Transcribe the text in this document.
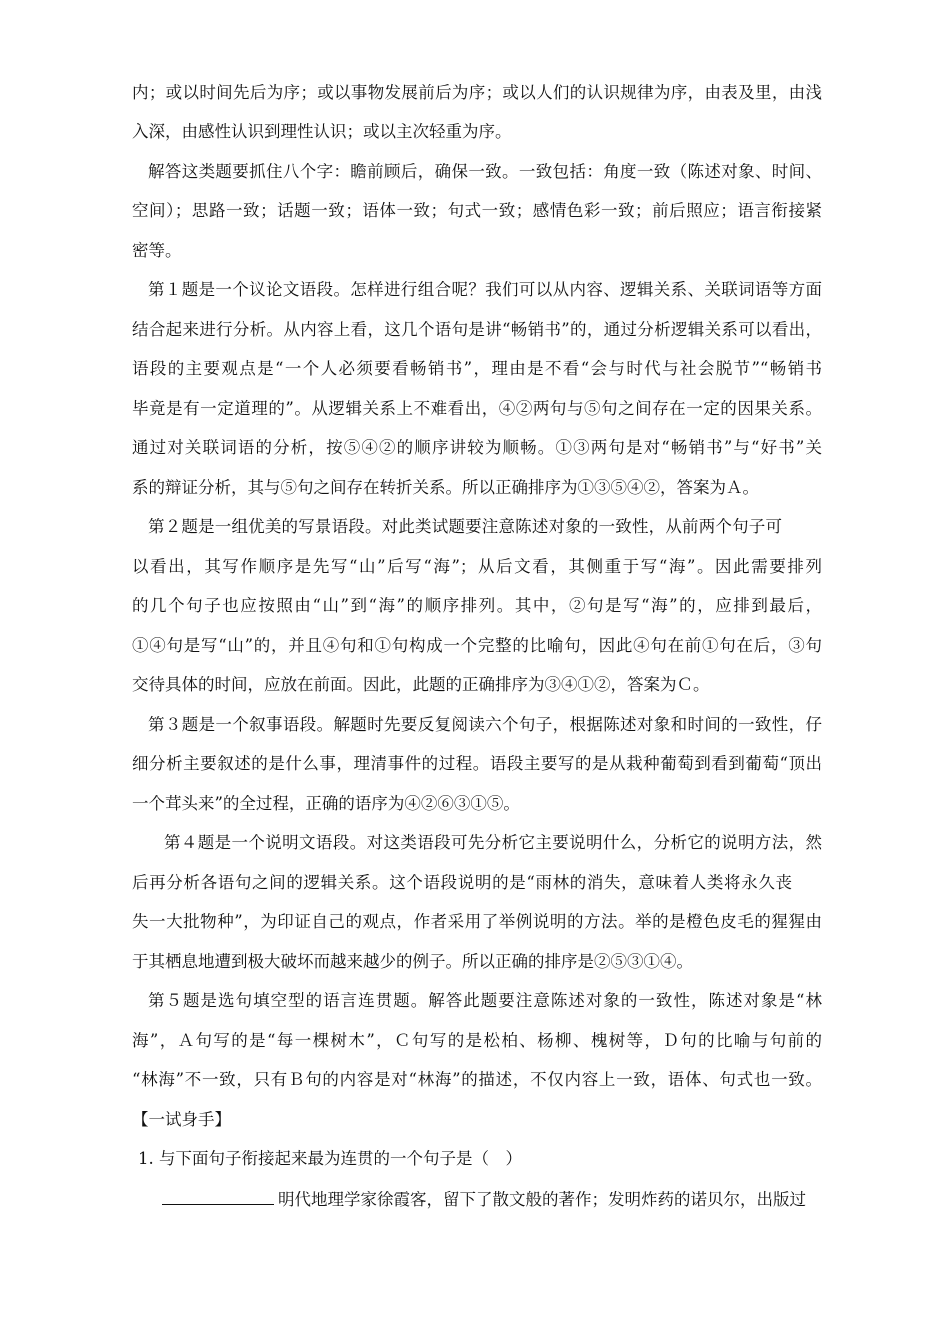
内；或以时间先后为序；或以事物发展前后为序；或以人们的认识规律为序，由表及里，由浅
入深，由感性认识到理性认识；或以主次轻重为序。
解答这类题要抓住八个字：瞻前顾后，确保一致。一致包括：角度一致（陈述对象、时间、
空间）；思路一致；话题一致；语体一致；句式一致；感情色彩一致；前后照应；语言衔接紧
密等。
第１题是一个议论文语段。怎样进行组合呢？我们可以从内容、逻辑关系、关联词语等方面
结合起来进行分析。从内容上看，这几个语句是讲“畅销书”的，通过分析逻辑关系可以看出，
语段的主要观点是“一个人必须要看畅销书”，理由是不看“会与时代与社会脱节”“畅销书
毕竟是有一定道理的”。从逻辑关系上不难看出，④②两句与⑤句之间存在一定的因果关系。
通过对关联词语的分析，按⑤④②的顺序讲较为顺畅。①③两句是对“畅销书”与“好书”关
系的辩证分析，其与⑤句之间存在转折关系。所以正确排序为①③⑤④②，答案为Ａ。
第２题是一组优美的写景语段。对此类试题要注意陈述对象的一致性，从前两个句子可
以看出，其写作顺序是先写“山”后写“海”；从后文看，其侧重于写“海”。因此需要排列
的几个句子也应按照由“山”到“海”的顺序排列。其中，②句是写“海”的，应排到最后，
①④句是写“山”的，并且④句和①句构成一个完整的比喻句，因此④句在前①句在后，③句
交待具体的时间，应放在前面。因此，此题的正确排序为③④①②，答案为Ｃ。
第３题是一个叙事语段。解题时先要反复阅读六个句子，根据陈述对象和时间的一致性，仔
细分析主要叙述的是什么事，理清事件的过程。语段主要写的是从栽种葡萄到看到葡萄“顶出
一个茸头来”的全过程，正确的语序为④②⑥③①⑤。
第４题是一个说明文语段。对这类语段可先分析它主要说明什么，分析它的说明方法，然
后再分析各语句之间的逻辑关系。这个语段说明的是“雨林的消失，意味着人类将永久丧
失一大批物种”，为印证自己的观点，作者采用了举例说明的方法。举的是橙色皮毛的猩猩由
于其栖息地遭到极大破坏而越来越少的例子。所以正确的排序是②⑤③①④。
第５题是选句填空型的语言连贯题。解答此题要注意陈述对象的一致性，陈述对象是“林
海”，Ａ句写的是“每一棵树木”，Ｃ句写的是松柏、杨柳、槐树等，Ｄ句的比喻与句前的
“林海”不一致，只有Ｂ句的内容是对“林海”的描述，不仅内容上一致，语体、句式也一致。
【一试身手】
1. 与下面句子衔接起来最为连贯的一个句子是（　）
明代地理学家徐霞客，留下了散文般的著作；发明炸药的诺贝尔，出版过
